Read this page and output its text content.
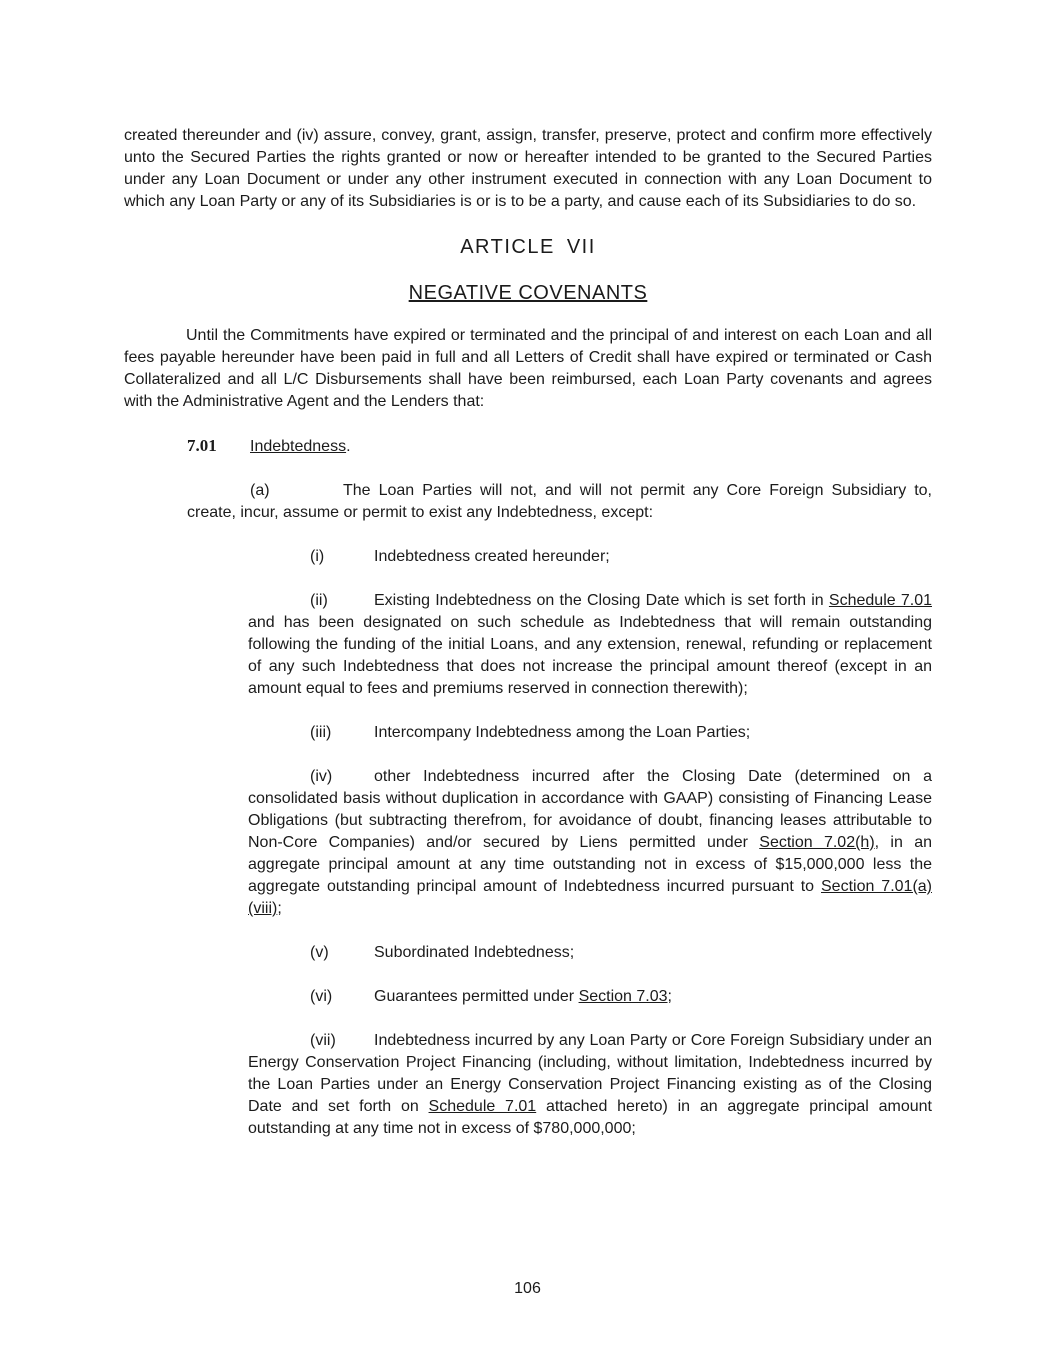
created thereunder and (iv) assure, convey, grant, assign, transfer, preserve, protect and confirm more effectively unto the Secured Parties the rights granted or now or hereafter intended to be granted to the Secured Parties under any Loan Document or under any other instrument executed in connection with any Loan Document to which any Loan Party or any of its Subsidiaries is or is to be a party, and cause each of its Subsidiaries to do so.

ARTICLE VII

NEGATIVE COVENANTS

Until the Commitments have expired or terminated and the principal of and interest on each Loan and all fees payable hereunder have been paid in full and all Letters of Credit shall have expired or terminated or Cash Collateralized and all L/C Disbursements shall have been reimbursed, each Loan Party covenants and agrees with the Administrative Agent and the Lenders that:

7.01 Indebtedness.

(a)	The Loan Parties will not, and will not permit any Core Foreign Subsidiary to, create, incur, assume or permit to exist any Indebtedness, except:

(i)	Indebtedness created hereunder;

(ii)	Existing Indebtedness on the Closing Date which is set forth in Schedule 7.01 and has been designated on such schedule as Indebtedness that will remain outstanding following the funding of the initial Loans, and any extension, renewal, refunding or replacement of any such Indebtedness that does not increase the principal amount thereof (except in an amount equal to fees and premiums reserved in connection therewith);

(iii)	Intercompany Indebtedness among the Loan Parties;

(iv)	other Indebtedness incurred after the Closing Date (determined on a consolidated basis without duplication in accordance with GAAP) consisting of Financing Lease Obligations (but subtracting therefrom, for avoidance of doubt, financing leases attributable to Non-Core Companies) and/or secured by Liens permitted under Section 7.02(h), in an aggregate principal amount at any time outstanding not in excess of $15,000,000 less the aggregate outstanding principal amount of Indebtedness incurred pursuant to Section 7.01(a)(viii);

(v)	Subordinated Indebtedness;

(vi)	Guarantees permitted under Section 7.03;

(vii) Indebtedness incurred by any Loan Party or Core Foreign Subsidiary under an Energy Conservation Project Financing (including, without limitation, Indebtedness incurred by the Loan Parties under an Energy Conservation Project Financing existing as of the Closing Date and set forth on Schedule 7.01 attached hereto) in an aggregate principal amount outstanding at any time not in excess of $780,000,000;

106
